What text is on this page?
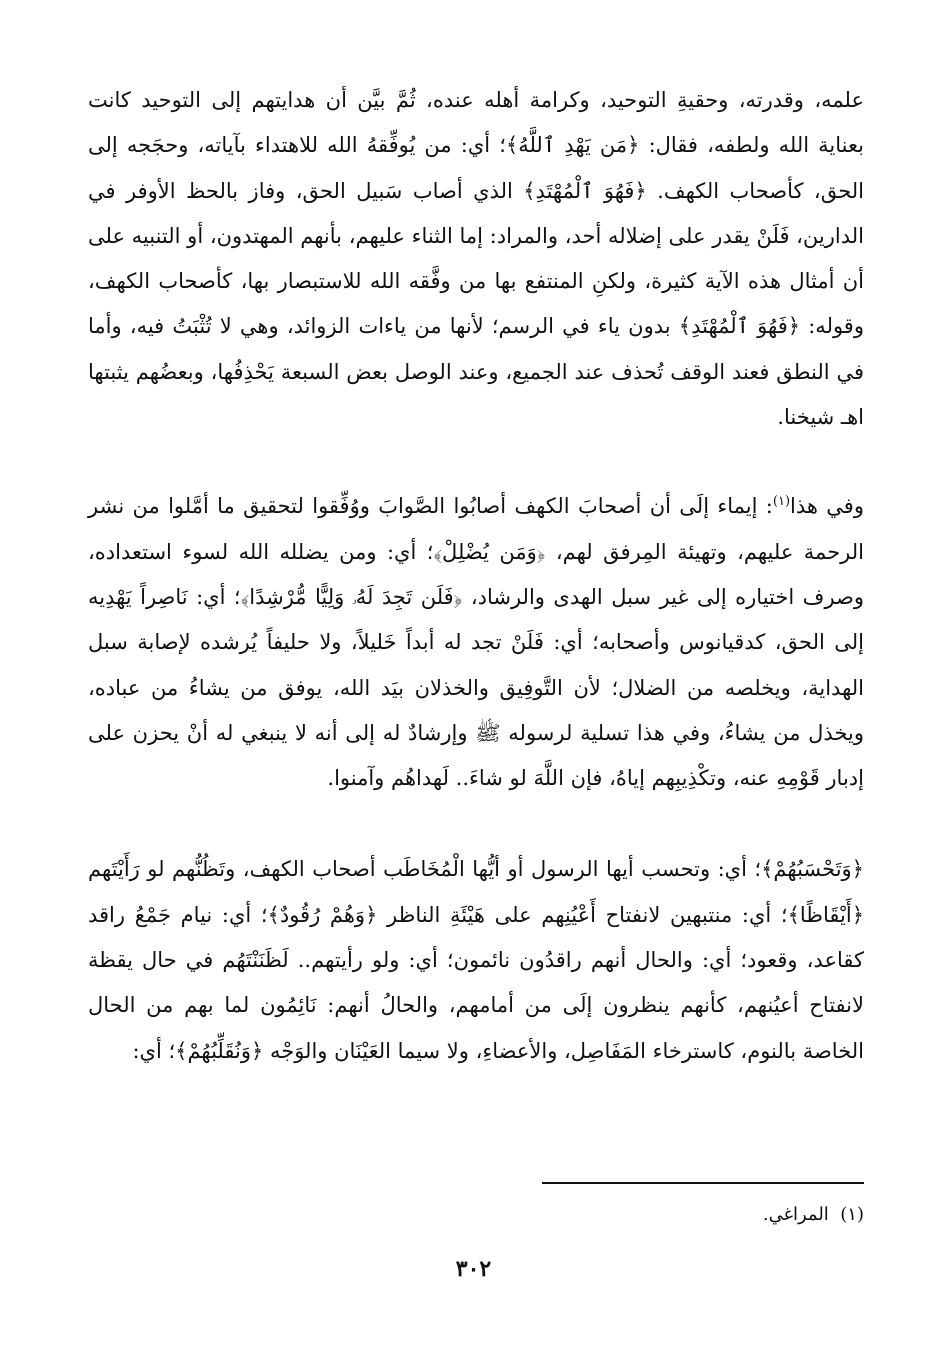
علمه، وقدرته، وحقيةِ التوحيد، وكرامة أهله عنده، ثُمَّ بيَّن أن هدايتهم إلى التوحيد كانت بعناية الله ولطفه، فقال: ﴿مَن يَهْدِ ٱللَّهُ﴾؛ أي: من يُوفِّقهُ الله للاهتداء بآياته، وحجَجه إلى الحق، كأصحاب الكهف. ﴿فَهُوَ ٱلْمُهْتَدِ﴾ الذي أصاب سَبيل الحق، وفاز بالحظ الأوفر في الدارين، فَلَنْ يقدر على إضلاله أحد، والمراد: إما الثناء عليهم، بأنهم المهتدون، أو التنبيه على أن أمثال هذه الآية كثيرة، ولكنِ المنتفع بها من وفَّقه الله للاستبصار بها، كأصحاب الكهف، وقوله: ﴿فَهُوَ ٱلْمُهْتَدِ﴾ بدون ياء في الرسم؛ لأنها من ياءات الزوائد، وهي لا تُثْبَتُ فيه، وأما في النطق فعند الوقف تُحذف عند الجميع، وعند الوصل بعض السبعة يَحْذِفُها، وبعضُهم يثبتها اهـ شيخنا.

وفي هذا$^{(١)}$: إيماء إلَى أن أصحابَ الكهف أصابُوا الصَّوابَ ووُفِّقوا لتحقيق ما أمَّلوا من نشر الرحمة عليهم، وتهيئة المِرفق لهم، ﴿وَمَن يُضْلِلْ﴾؛ أي: ومن يضلله الله لسوء استعداده، وصرف اختياره إلى غير سبل الهدى والرشاد، ﴿فَلَن تَجِدَ لَهُۥ وَلِيًّا مُّرْشِدًا﴾؛ أي: نَاصِراً يَهْدِيه إلى الحق، كدقيانوس وأصحابه؛ أي: فَلَنْ تجد له أبداً خَليلاً، ولا حليفاً يُرشده لإصابة سبل الهداية، ويخلصه من الضلال؛ لأن التَّوفِيق والخذلان بيَد الله، يوفق من يشاءُ من عباده، ويخذل من يشاءُ، وفي هذا تسلية لرسوله ﷺ وإرشادٌ له إلى أنه لا ينبغي له أنْ يحزن على إدبار قَوْمِهِ عنه، وتكْذِيبِهم إياهُ، فإن اللَّهَ لو شاءَ.. لَهداهُم وآمنوا.

﴿وَتَحْسَبُهُمْ﴾؛ أي: وتحسب أيها الرسول أو أيُّها الْمُخَاطَب أصحاب الكهف، وتَظُنُّهم لو رَأَيْتَهم ﴿أَيْقَاظًا﴾؛ أي: منتبهين لانفتاح أَعْيُنِهم على هَيْئَةِ الناظر ﴿وَهُمْ رُقُودٌ﴾؛ أي: نيام جَمْعُ راقد كقاعد، وقعود؛ أي: والحال أنهم راقدُون نائمون؛ أي: ولو رأيتهم.. لَظَنَنْتَهُم في حال يقظة لانفتاح أعيُنهم، كأنهم ينظرون إلَى من أمامهم، والحالُ أنهم: نَائِمُون لما بهم من الحال الخاصة بالنوم، كاسترخاء المَفَاصِل، والأعضاءِ، ولا سيما العَيْنَان والوَجْه ﴿وَنُقَلِّبُهُمْ﴾؛ أي:

(١)  المراغي.

٣٠٢
